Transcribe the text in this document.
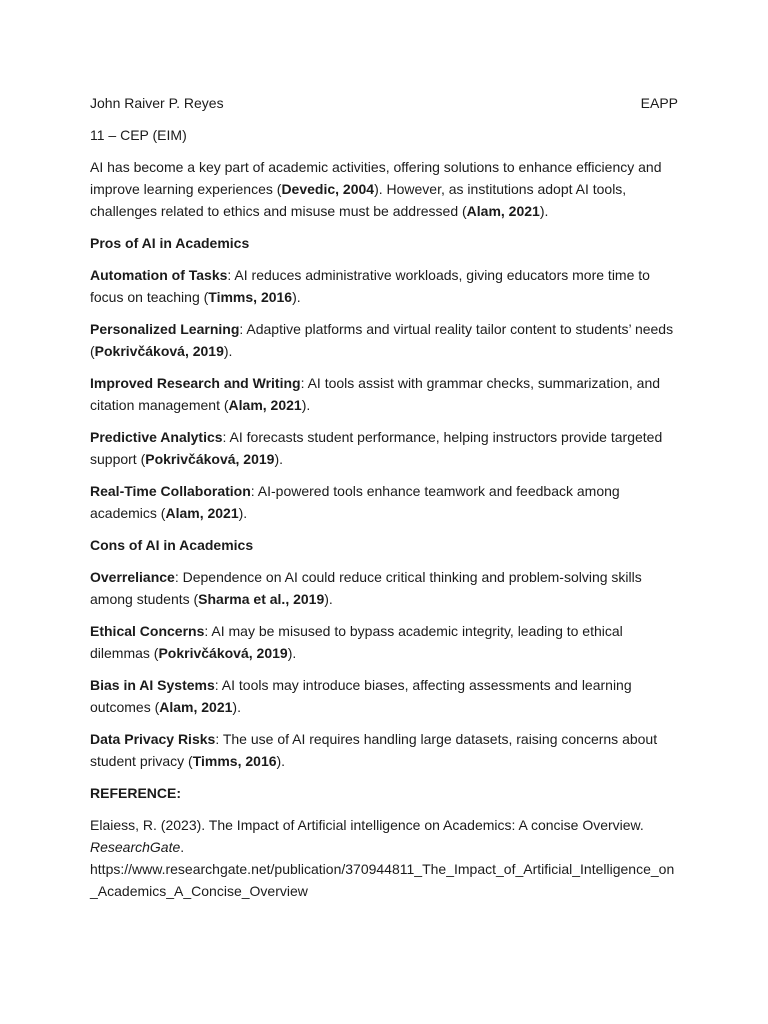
John Raiver P. Reyes	EAPP
11 – CEP (EIM)

AI has become a key part of academic activities, offering solutions to enhance efficiency and improve learning experiences (Devedic, 2004). However, as institutions adopt AI tools, challenges related to ethics and misuse must be addressed (Alam, 2021).

Pros of AI in Academics

Automation of Tasks: AI reduces administrative workloads, giving educators more time to focus on teaching (Timms, 2016).

Personalized Learning: Adaptive platforms and virtual reality tailor content to students’ needs (Pokrivčáková, 2019).

Improved Research and Writing: AI tools assist with grammar checks, summarization, and citation management (Alam, 2021).

Predictive Analytics: AI forecasts student performance, helping instructors provide targeted support (Pokrivčáková, 2019).

Real-Time Collaboration: AI-powered tools enhance teamwork and feedback among academics (Alam, 2021).

Cons of AI in Academics

Overreliance: Dependence on AI could reduce critical thinking and problem-solving skills among students (Sharma et al., 2019).

Ethical Concerns: AI may be misused to bypass academic integrity, leading to ethical dilemmas (Pokrivčáková, 2019).

Bias in AI Systems: AI tools may introduce biases, affecting assessments and learning outcomes (Alam, 2021).

Data Privacy Risks: The use of AI requires handling large datasets, raising concerns about student privacy (Timms, 2016).

REFERENCE:

Elaiess, R. (2023). The Impact of Artificial intelligence on Academics: A concise Overview.
ResearchGate.
https://www.researchgate.net/publication/370944811_The_Impact_of_Artificial_Intelligence_on_Academics_A_Concise_Overview
